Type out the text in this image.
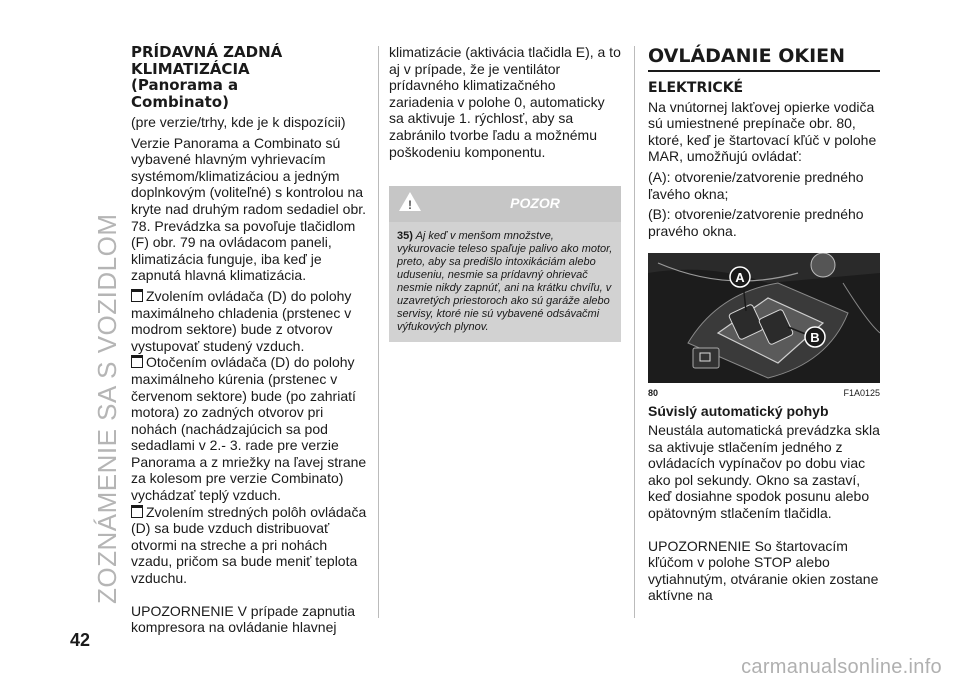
ZOZNÁMENIE SA S VOZIDLOM
42
PRÍDAVNÁ ZADNÁ
KLIMATIZÁCIA
(Panorama a
Combinato)

(pre verzie/trhy, kde je k dispozícii)

Verzie Panorama a Combinato sú vybavené hlavným vyhrievacím systémom/klimatizáciou a jedným doplnkovým (voliteľné) s kontrolou na kryte nad druhým radom sedadiel obr. 78. Prevádzka sa povoľuje tlačidlom (F) obr. 79 na ovládacom paneli, klimatizácia funguje, iba keď je zapnutá hlavná klimatizácia.

Zvolením ovládača (D) do polohy maximálneho chladenia (prstenec v modrom sektore) bude z otvorov vystupovať studený vzduch.
Otočením ovládača (D) do polohy maximálneho kúrenia (prstenec v červenom sektore) bude (po zahriatí motora) zo zadných otvorov pri nohách (nachádzajúcich sa pod sedadlami v 2.- 3. rade pre verzie Panorama a z mriežky na ľavej strane za kolesom pre verzie Combinato) vychádzať teplý vzduch.
Zvolením stredných polôh ovládača (D) sa bude vzduch distribuovať otvormi na streche a pri nohách vzadu, pričom sa bude meniť teplota vzduchu.

UPOZORNENIE V prípade zapnutia kompresora na ovládanie hlavnej

klimatizácie (aktivácia tlačidla E), a to aj v prípade, že je ventilátor prídavného klimatizačného zariadenia v polohe 0, automaticky sa aktivuje 1. rýchlosť, aby sa zabránilo tvorbe ľadu a možnému poškodeniu komponentu.

!	POZOR
35) Aj keď v menšom množstve, vykurovacie teleso spaľuje palivo ako motor, preto, aby sa predišlo intoxikáciám alebo uduseniu, nesmie sa prídavný ohrievač nesmie nikdy zapnúť, ani na krátku chvíľu, v uzavretých priestoroch ako sú garáže alebo servisy, ktoré nie sú vybavené odsávačmi výfukových plynov.
OVLÁDANIE OKIEN
ELEKTRICKÉ

Na vnútornej lakťovej opierke vodiča sú umiestnené prepínače obr. 80, ktoré, keď je štartovací kľúč v polohe MAR, umožňujú ovládať:

(A): otvorenie/zatvorenie predného ľavého okna;

(B): otvorenie/zatvorenie predného pravého okna.

A
B
80	F1A0125
Súvislý automatický pohyb

Neustála automatická prevádzka skla sa aktivuje stlačením jedného z ovládacích vypínačov po dobu viac ako pol sekundy. Okno sa zastaví, keď dosiahne spodok posunu alebo opätovným stlačením tlačidla.

UPOZORNENIE So štartovacím kľúčom v polohe STOP alebo vytiahnutým, otváranie okien zostane aktívne na

carmanualsonline.info
